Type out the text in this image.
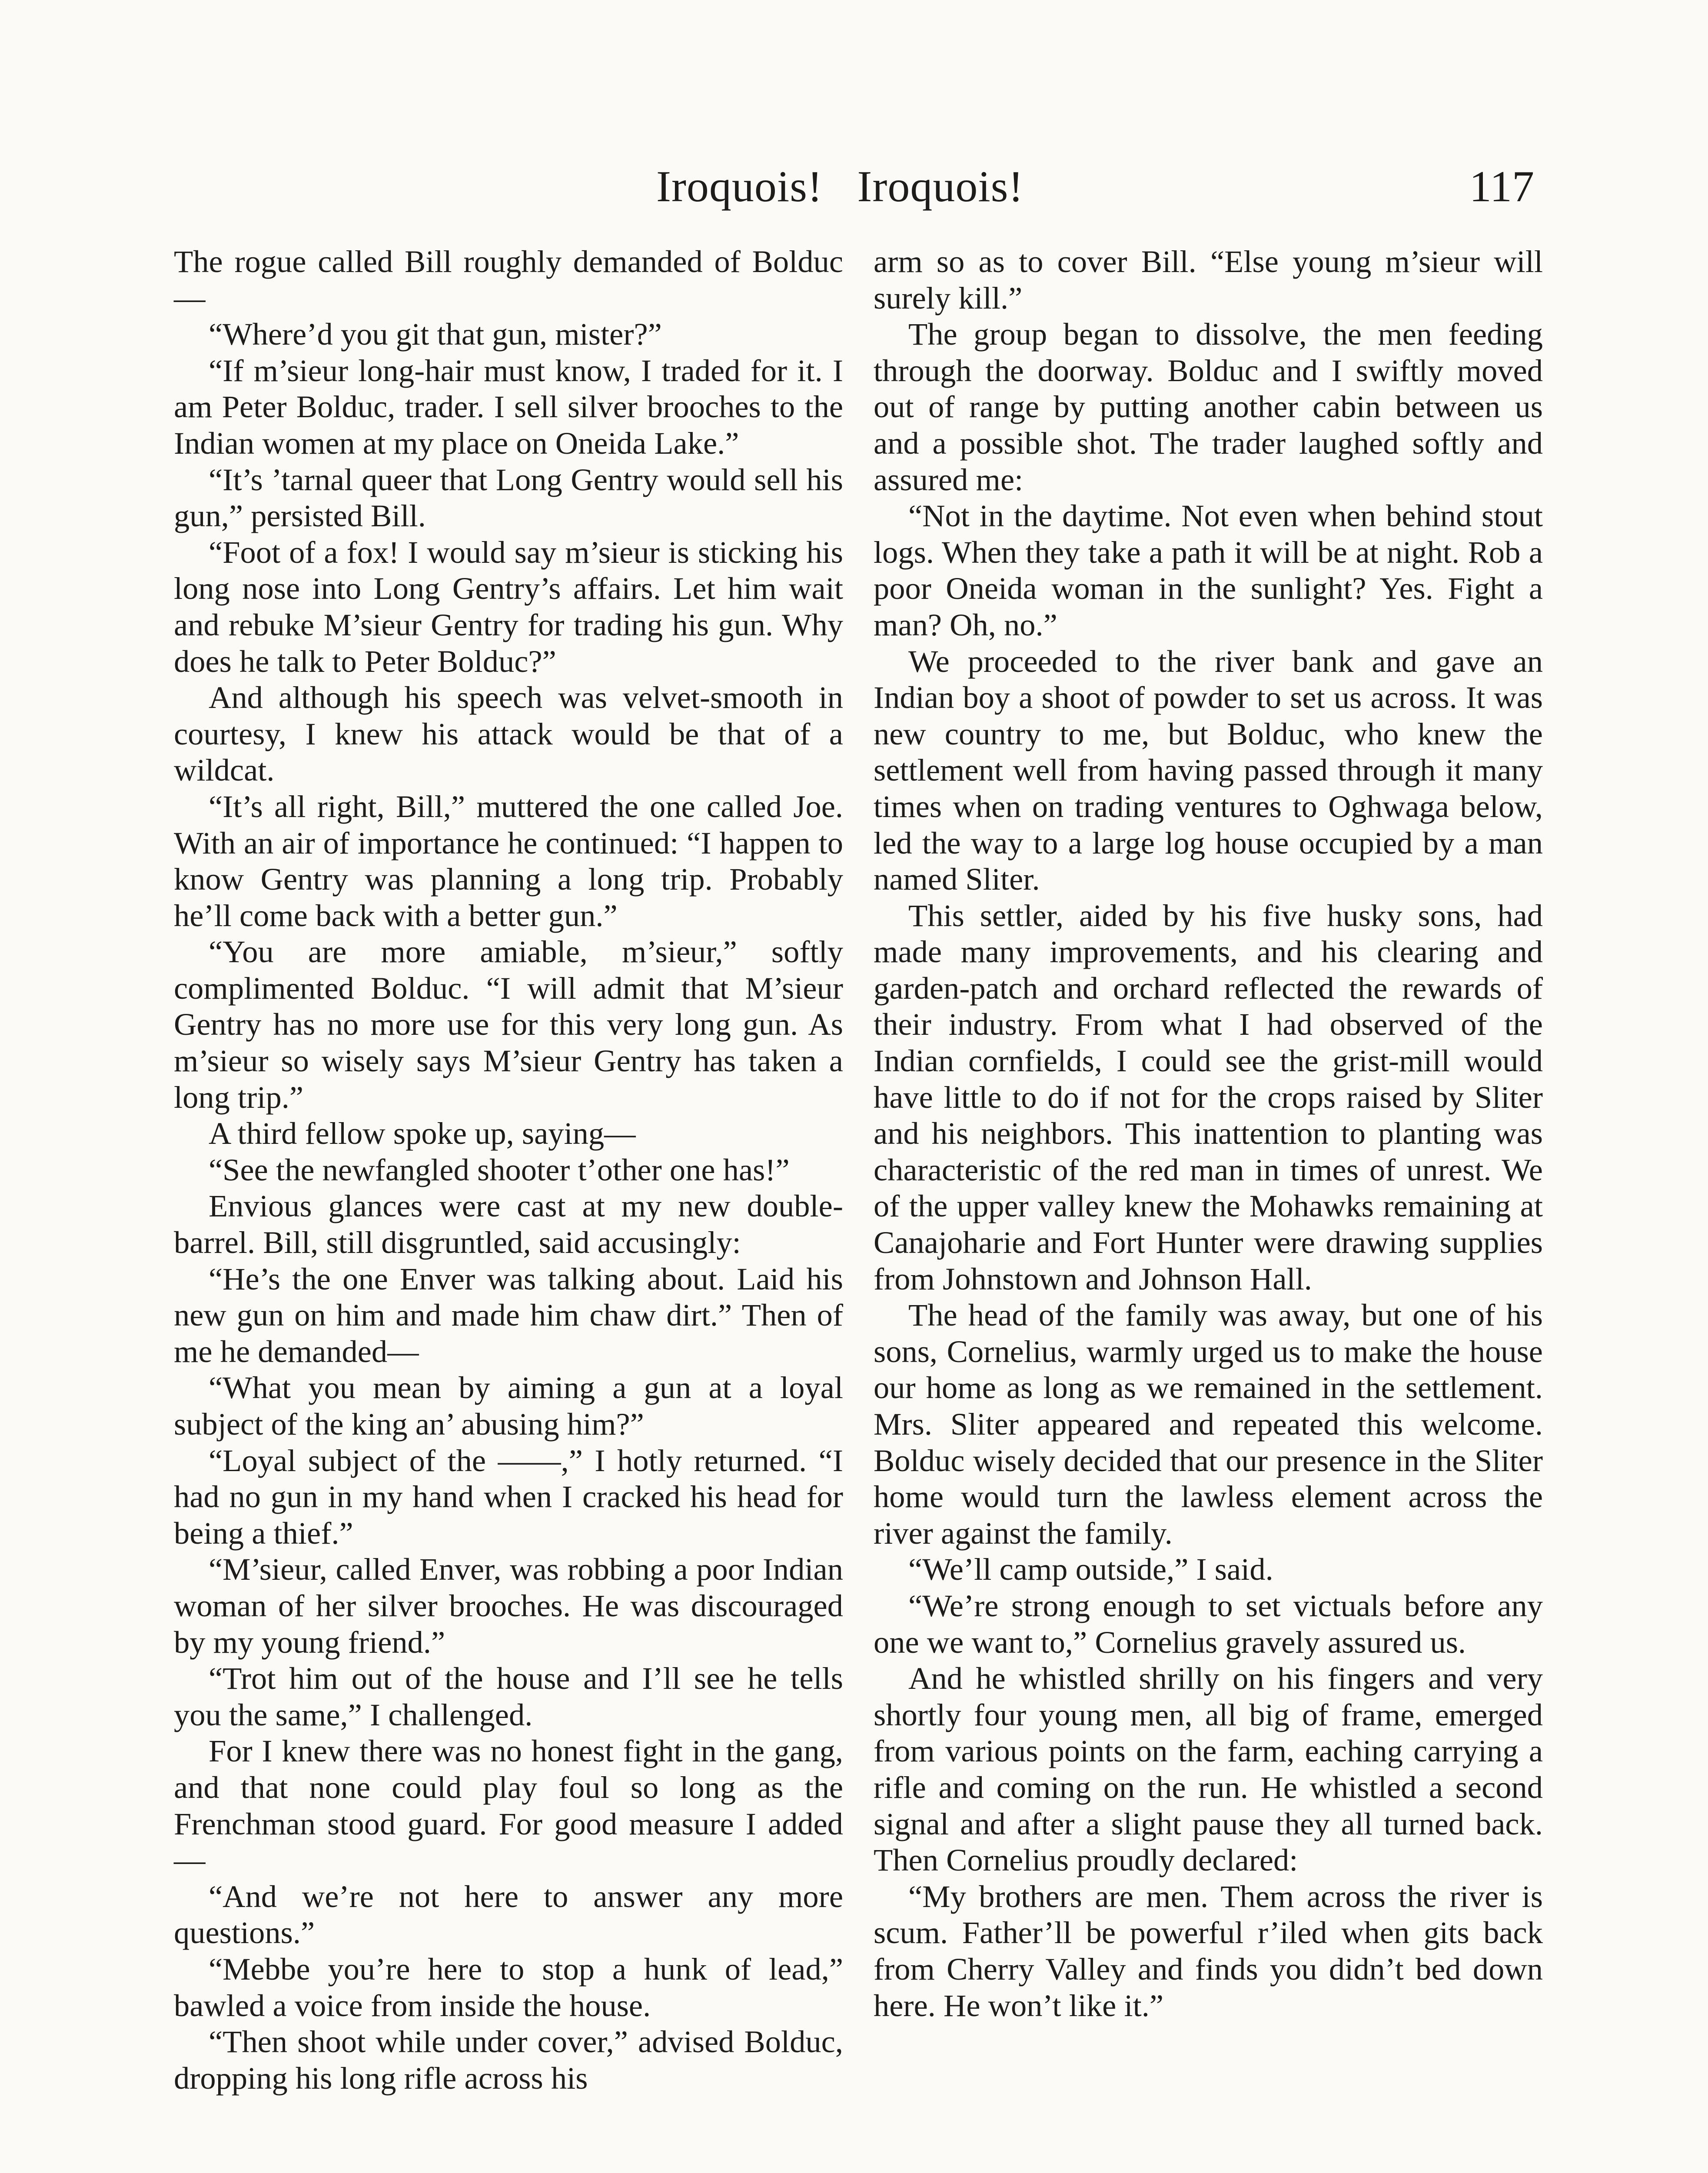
Iroquois!   Iroquois!	117

The rogue called Bill roughly demanded of Bolduc—

“Where’d you git that gun, mister?”

“If m’sieur long-hair must know, I traded for it. I am Peter Bolduc, trader. I sell silver brooches to the Indian women at my place on Oneida Lake.”

“It’s ’tarnal queer that Long Gentry would sell his gun,” persisted Bill.

“Foot of a fox! I would say m’sieur is sticking his long nose into Long Gentry’s affairs. Let him wait and rebuke M’sieur Gentry for trading his gun. Why does he talk to Peter Bolduc?”

And although his speech was velvet-smooth in courtesy, I knew his attack would be that of a wildcat.

“It’s all right, Bill,” muttered the one called Joe. With an air of importance he continued: “I happen to know Gentry was planning a long trip. Probably he’ll come back with a better gun.”

“You are more amiable, m’sieur,” softly complimented Bolduc. “I will admit that M’sieur Gentry has no more use for this very long gun. As m’sieur so wisely says M’sieur Gentry has taken a long trip.”

A third fellow spoke up, saying—

“See the newfangled shooter t’other one has!”

Envious glances were cast at my new double-barrel. Bill, still disgruntled, said accusingly:

“He’s the one Enver was talking about. Laid his new gun on him and made him chaw dirt.” Then of me he demanded—

“What you mean by aiming a gun at a loyal subject of the king an’ abusing him?”

“Loyal subject of the ——,” I hotly returned. “I had no gun in my hand when I cracked his head for being a thief.”

“M’sieur, called Enver, was robbing a poor Indian woman of her silver brooches. He was discouraged by my young friend.”

“Trot him out of the house and I’ll see he tells you the same,” I challenged.

For I knew there was no honest fight in the gang, and that none could play foul so long as the Frenchman stood guard. For good measure I added—

“And we’re not here to answer any more questions.”

“Mebbe you’re here to stop a hunk of lead,” bawled a voice from inside the house.

“Then shoot while under cover,” advised Bolduc, dropping his long rifle across his

arm so as to cover Bill. “Else young m’sieur will surely kill.”

The group began to dissolve, the men feeding through the doorway. Bolduc and I swiftly moved out of range by putting another cabin between us and a possible shot. The trader laughed softly and assured me:

“Not in the daytime. Not even when behind stout logs. When they take a path it will be at night. Rob a poor Oneida woman in the sunlight? Yes. Fight a man? Oh, no.”

We proceeded to the river bank and gave an Indian boy a shoot of powder to set us across. It was new country to me, but Bolduc, who knew the settlement well from having passed through it many times when on trading ventures to Oghwaga below, led the way to a large log house occupied by a man named Sliter.

This settler, aided by his five husky sons, had made many improvements, and his clearing and garden-patch and orchard reflected the rewards of their industry. From what I had observed of the Indian cornfields, I could see the grist-mill would have little to do if not for the crops raised by Sliter and his neighbors. This inattention to planting was characteristic of the red man in times of unrest. We of the upper valley knew the Mohawks remaining at Canajoharie and Fort Hunter were drawing supplies from Johnstown and Johnson Hall.

The head of the family was away, but one of his sons, Cornelius, warmly urged us to make the house our home as long as we remained in the settlement. Mrs. Sliter appeared and repeated this welcome. Bolduc wisely decided that our presence in the Sliter home would turn the lawless element across the river against the family.

“We’ll camp outside,” I said.

“We’re strong enough to set victuals before any one we want to,” Cornelius gravely assured us.

And he whistled shrilly on his fingers and very shortly four young men, all big of frame, emerged from various points on the farm, eaching carrying a rifle and coming on the run. He whistled a second signal and after a slight pause they all turned back. Then Cornelius proudly declared:

“My brothers are men. Them across the river is scum. Father’ll be powerful r’iled when gits back from Cherry Valley and finds you didn’t bed down here. He won’t like it.”
